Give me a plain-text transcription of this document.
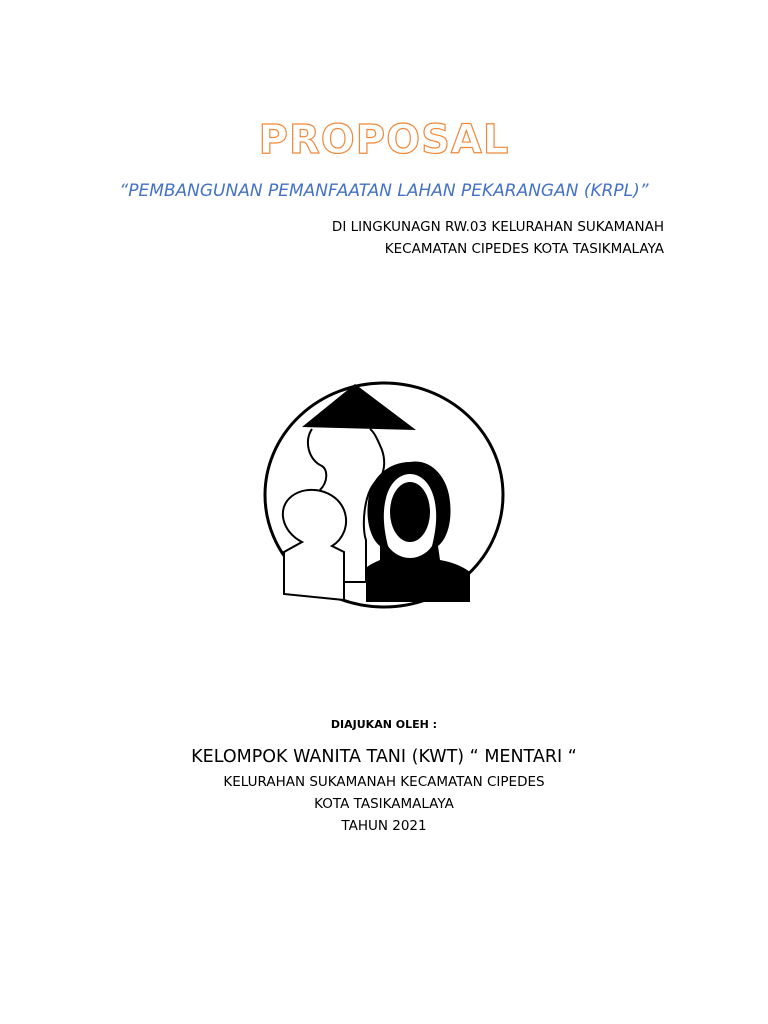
PROPOSAL
“PEMBANGUNAN PEMANFAATAN LAHAN PEKARANGAN (KRPL)”
DI LINGKUNAGN RW.03 KELURAHAN SUKAMANAH
KECAMATAN CIPEDES KOTA TASIKMALAYA
DIAJUKAN OLEH :
KELOMPOK WANITA TANI (KWT) “ MENTARI “
KELURAHAN SUKAMANAH KECAMATAN CIPEDES
KOTA TASIKAMALAYA
TAHUN 2021
